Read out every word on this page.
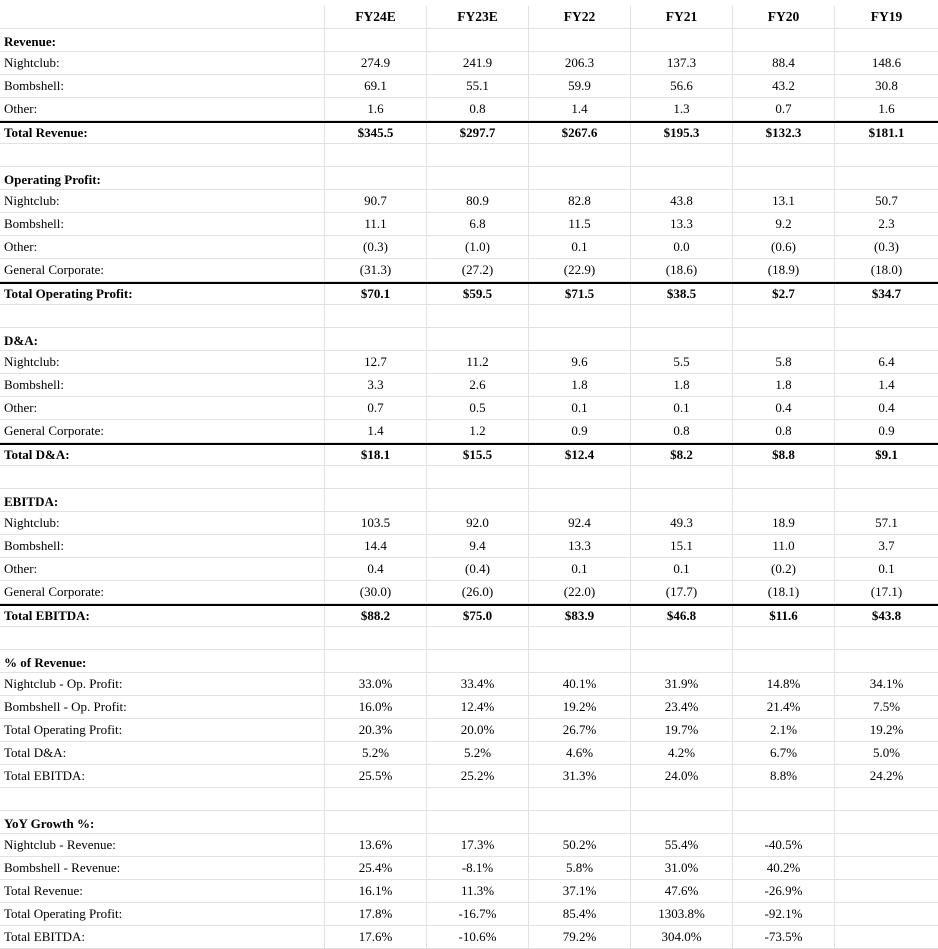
FY24E	FY23E	FY22	FY21	FY20	FY19
Revenue:
Nightclub:	274.9	241.9	206.3	137.3	88.4	148.6
Bombshell:	69.1	55.1	59.9	56.6	43.2	30.8
Other:	1.6	0.8	1.4	1.3	0.7	1.6
Total Revenue:	$345.5	$297.7	$267.6	$195.3	$132.3	$181.1
Operating Profit:
Nightclub:	90.7	80.9	82.8	43.8	13.1	50.7
Bombshell:	11.1	6.8	11.5	13.3	9.2	2.3
Other:	(0.3)	(1.0)	0.1	0.0	(0.6)	(0.3)
General Corporate:	(31.3)	(27.2)	(22.9)	(18.6)	(18.9)	(18.0)
Total Operating Profit:	$70.1	$59.5	$71.5	$38.5	$2.7	$34.7
D&A:
Nightclub:	12.7	11.2	9.6	5.5	5.8	6.4
Bombshell:	3.3	2.6	1.8	1.8	1.8	1.4
Other:	0.7	0.5	0.1	0.1	0.4	0.4
General Corporate:	1.4	1.2	0.9	0.8	0.8	0.9
Total D&A:	$18.1	$15.5	$12.4	$8.2	$8.8	$9.1
EBITDA:
Nightclub:	103.5	92.0	92.4	49.3	18.9	57.1
Bombshell:	14.4	9.4	13.3	15.1	11.0	3.7
Other:	0.4	(0.4)	0.1	0.1	(0.2)	0.1
General Corporate:	(30.0)	(26.0)	(22.0)	(17.7)	(18.1)	(17.1)
Total EBITDA:	$88.2	$75.0	$83.9	$46.8	$11.6	$43.8
% of Revenue:
Nightclub - Op. Profit:	33.0%	33.4%	40.1%	31.9%	14.8%	34.1%
Bombshell - Op. Profit:	16.0%	12.4%	19.2%	23.4%	21.4%	7.5%
Total Operating Profit:	20.3%	20.0%	26.7%	19.7%	2.1%	19.2%
Total D&A:	5.2%	5.2%	4.6%	4.2%	6.7%	5.0%
Total EBITDA:	25.5%	25.2%	31.3%	24.0%	8.8%	24.2%
YoY Growth %:
Nightclub - Revenue:	13.6%	17.3%	50.2%	55.4%	-40.5%
Bombshell - Revenue:	25.4%	-8.1%	5.8%	31.0%	40.2%
Total Revenue:	16.1%	11.3%	37.1%	47.6%	-26.9%
Total Operating Profit:	17.8%	-16.7%	85.4%	1303.8%	-92.1%
Total EBITDA:	17.6%	-10.6%	79.2%	304.0%	-73.5%
